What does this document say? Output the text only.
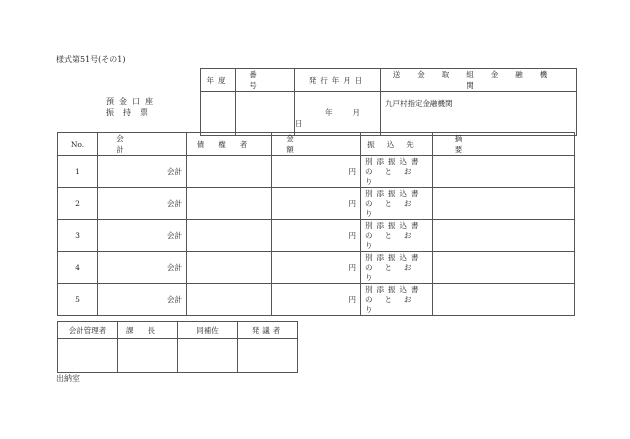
様式第51号(その1)
預金口座
振持票
年度	番号	発行年月日	送金取組金融機関
		年 月日	九戸村指定金融機関
No.	会計	債権者	金額	振込先	摘要
1	会計		円	別添振込書
のとおり	

2	会計		円	別添振込書
のとおり	

3	会計		円	別添振込書
のとおり	

4	会計		円	別添振込書
のとおり	

5	会計		円	別添振込書
のとおり	

会計管理者	課長	同補佐	発議者

出納室
